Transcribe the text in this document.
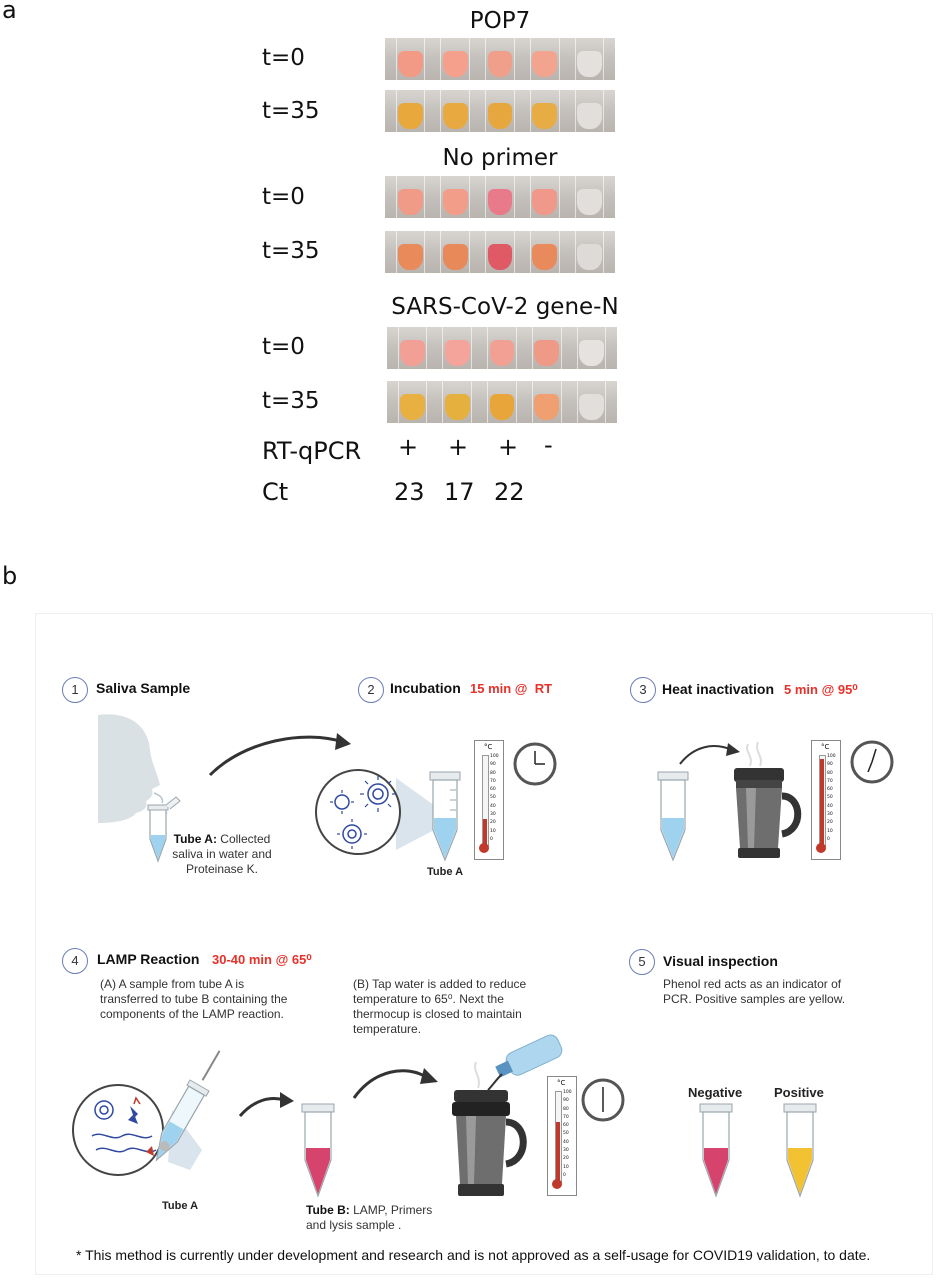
a	POP7
t=0
t=35
No primer
t=0
t=35
SARS-CoV-2 gene-N
t=0
t=35
RT-qPCR + + + -
Ct	23 17 22
b
1	Saliva Sample	2	Incubation 15 min @  RT	3	Heat inactivation 5 min @ 95⁰
4	LAMP Reaction 30-40 min @ 65⁰	5	Visual inspection
Tube A: Collected saliva in water and Proteinase K.	Tube A
°C
100
90
80
70
60
50
40
30
20
10
0
°C
100
90
80
70
60
50
40
30
20
10
0
(A) A sample from tube A is transferred to tube B containing the components of the LAMP reaction.
(B) Tap water is added to reduce temperature to 65⁰. Next the thermocup is closed to maintain temperature.
Phenol red acts as an indicator of PCR. Positive samples are yellow.
Tube A	Tube B: LAMP, Primers and lysis sample .
°C
100
90
80
70
60
50
40
30
20
10
0
Negative Positive
* This method is currently under development and research and is not approved as a self-usage for COVID19 validation, to date.
